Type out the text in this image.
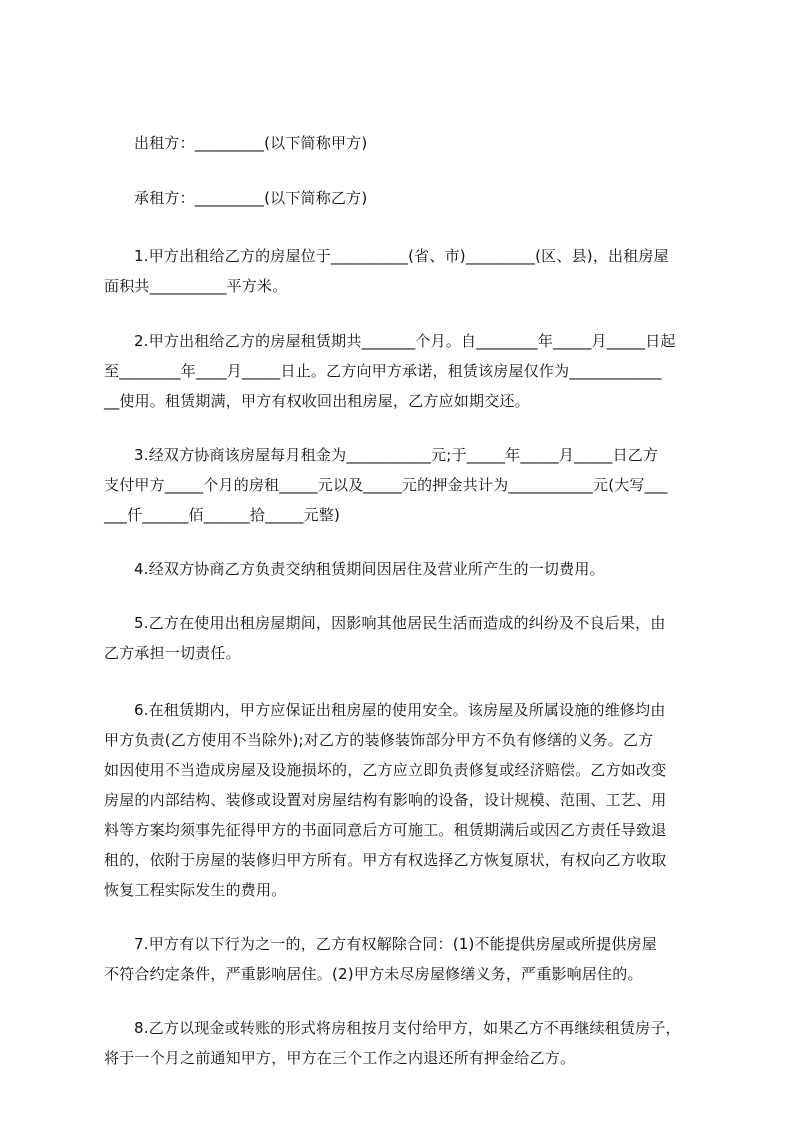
出租方：_________(以下简称甲方)

承租方：_________(以下简称乙方)

1.甲方出租给乙方的房屋位于__________(省、市)_________(区、县)，出租房屋
面积共__________平方米。

2.甲方出租给乙方的房屋租赁期共_______个月。自________年_____月_____日起
至________年____月_____日止。乙方向甲方承诺，租赁该房屋仅作为____________
__使用。租赁期满，甲方有权收回出租房屋，乙方应如期交还。

3.经双方协商该房屋每月租金为___________元;于_____年_____月_____日乙方
支付甲方_____个月的房租_____元以及_____元的押金共计为___________元(大写___
___仟______佰______拾_____元整)

4.经双方协商乙方负责交纳租赁期间因居住及营业所产生的一切费用。

5.乙方在使用出租房屋期间，因影响其他居民生活而造成的纠纷及不良后果，由
乙方承担一切责任。

6.在租赁期内，甲方应保证出租房屋的使用安全。该房屋及所属设施的维修均由
甲方负责(乙方使用不当除外);对乙方的装修装饰部分甲方不负有修缮的义务。乙方
如因使用不当造成房屋及设施损坏的，乙方应立即负责修复或经济赔偿。乙方如改变
房屋的内部结构、装修或设置对房屋结构有影响的设备，设计规模、范围、工艺、用
料等方案均须事先征得甲方的书面同意后方可施工。租赁期满后或因乙方责任导致退
租的，依附于房屋的装修归甲方所有。甲方有权选择乙方恢复原状，有权向乙方收取
恢复工程实际发生的费用。

7.甲方有以下行为之一的，乙方有权解除合同：(1)不能提供房屋或所提供房屋
不符合约定条件，严重影响居住。(2)甲方未尽房屋修缮义务，严重影响居住的。

8.乙方以现金或转账的形式将房租按月支付给甲方，如果乙方不再继续租赁房子，
将于一个月之前通知甲方，甲方在三个工作之内退还所有押金给乙方。
